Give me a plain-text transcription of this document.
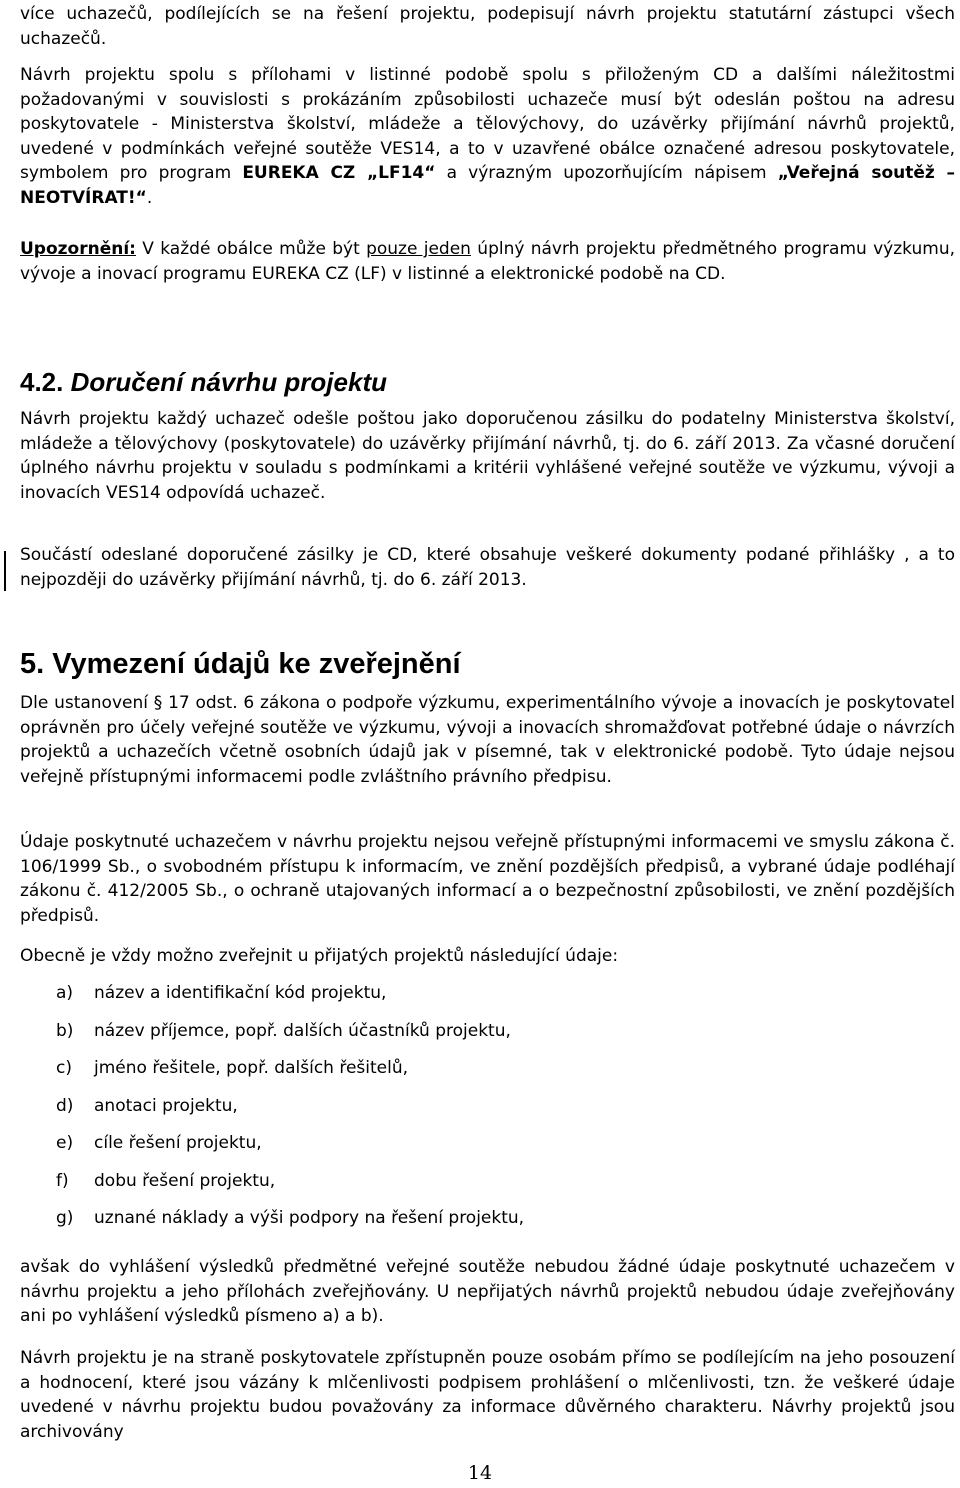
více uchazečů, podílejících se na řešení projektu, podepisují návrh projektu statutární zástupci všech uchazečů.

Návrh projektu spolu s přílohami v listinné podobě spolu s přiloženým CD a dalšími náležitostmi požadovanými v souvislosti s prokázáním způsobilosti uchazeče musí být odeslán poštou na adresu poskytovatele - Ministerstva školství, mládeže a tělovýchovy, do uzávěrky přijímání návrhů projektů, uvedené v podmínkách veřejné soutěže VES14, a to v uzavřené obálce označené adresou poskytovatele, symbolem pro program EUREKA CZ „LF14“ a výrazným upozorňujícím nápisem „Veřejná soutěž – NEOTVÍRAT!“.

Upozornění: V každé obálce může být pouze jeden úplný návrh projektu předmětného programu výzkumu, vývoje a inovací programu EUREKA CZ (LF) v listinné a elektronické podobě na CD.

4.2. Doručení návrhu projektu

Návrh projektu každý uchazeč odešle poštou jako doporučenou zásilku do podatelny Ministerstva školství, mládeže a tělovýchovy (poskytovatele) do uzávěrky přijímání návrhů, tj. do 6. září 2013. Za včasné doručení úplného návrhu projektu v souladu s podmínkami a kritérii vyhlášené veřejné soutěže ve výzkumu, vývoji a inovacích VES14 odpovídá uchazeč.

Součástí odeslané doporučené zásilky je CD, které obsahuje veškeré dokumenty podané přihlášky , a to nejpozději do uzávěrky přijímání návrhů, tj. do 6. září 2013.

5. Vymezení údajů ke zveřejnění

Dle ustanovení § 17 odst. 6 zákona o podpoře výzkumu, experimentálního vývoje a inovacích je poskytovatel oprávněn pro účely veřejné soutěže ve výzkumu, vývoji a inovacích shromažďovat potřebné údaje o návrzích projektů a uchazečích včetně osobních údajů jak v písemné, tak v elektronické podobě. Tyto údaje nejsou veřejně přístupnými informacemi podle zvláštního právního předpisu.

Údaje poskytnuté uchazečem v návrhu projektu nejsou veřejně přístupnými informacemi ve smyslu zákona č. 106/1999 Sb., o svobodném přístupu k informacím, ve znění pozdějších předpisů, a vybrané údaje podléhají zákonu č. 412/2005 Sb., o ochraně utajovaných informací a o bezpečnostní způsobilosti, ve znění pozdějších předpisů.

Obecně je vždy možno zveřejnit u přijatých projektů následující údaje:

a)	název a identifikační kód projektu,
b)	název příjemce, popř. dalších účastníků projektu,
c)	jméno řešitele, popř. dalších řešitelů,
d)	anotaci projektu,
e)	cíle řešení projektu,
f)	dobu řešení projektu,
g)	uznané náklady a výši podpory na řešení projektu,

avšak do vyhlášení výsledků předmětné veřejné soutěže nebudou žádné údaje poskytnuté uchazečem v návrhu projektu a jeho přílohách zveřejňovány. U nepřijatých návrhů projektů nebudou údaje zveřejňovány ani po vyhlášení výsledků písmeno a) a b).

Návrh projektu je na straně poskytovatele zpřístupněn pouze osobám přímo se podílejícím na jeho posouzení a hodnocení, které jsou vázány k mlčenlivosti podpisem prohlášení o mlčenlivosti, tzn. že veškeré údaje uvedené v návrhu projektu budou považovány za informace důvěrného charakteru. Návrhy projektů jsou archivovány

14
